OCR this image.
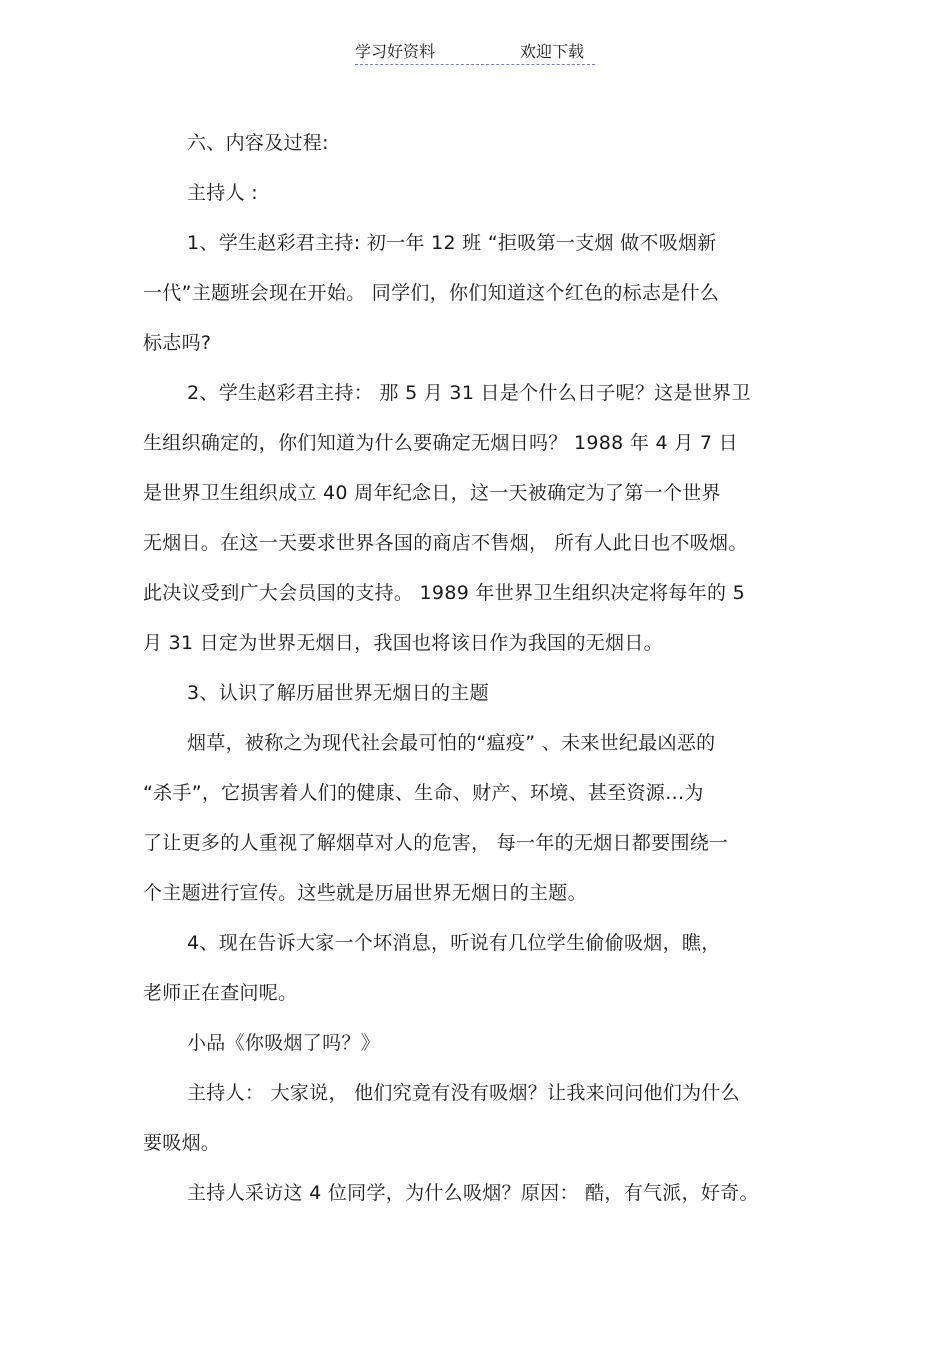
学习好资料	欢迎下载
六、内容及过程:
主持人 :
1、学生赵彩君主持: 初一年 12 班 “拒吸第一支烟 做不吸烟新
一代”主题班会现在开始。 同学们，你们知道这个红色的标志是什么
标志吗?
2、学生赵彩君主持： 那 5 月 31 日是个什么日子呢？这是世界卫
生组织确定的，你们知道为什么要确定无烟日吗？ 1988 年 4 月 7 日
是世界卫生组织成立 40 周年纪念日，这一天被确定为了第一个世界
无烟日。在这一天要求世界各国的商店不售烟， 所有人此日也不吸烟。
此决议受到广大会员国的支持。 1989 年世界卫生组织决定将每年的 5
月 31 日定为世界无烟日，我国也将该日作为我国的无烟日。
3、认识了解历届世界无烟日的主题
烟草，被称之为现代社会最可怕的“瘟疫” 、未来世纪最凶恶的
“杀手”，它损害着人们的健康、生命、财产、环境、甚至资源…为
了让更多的人重视了解烟草对人的危害， 每一年的无烟日都要围绕一
个主题进行宣传。这些就是历届世界无烟日的主题。
4、现在告诉大家一个坏消息，听说有几位学生偷偷吸烟，瞧，
老师正在查问呢。
小品《你吸烟了吗？》
主持人： 大家说， 他们究竟有没有吸烟？让我来问问他们为什么
要吸烟。
主持人采访这 4 位同学，为什么吸烟？原因： 酷，有气派，好奇。
